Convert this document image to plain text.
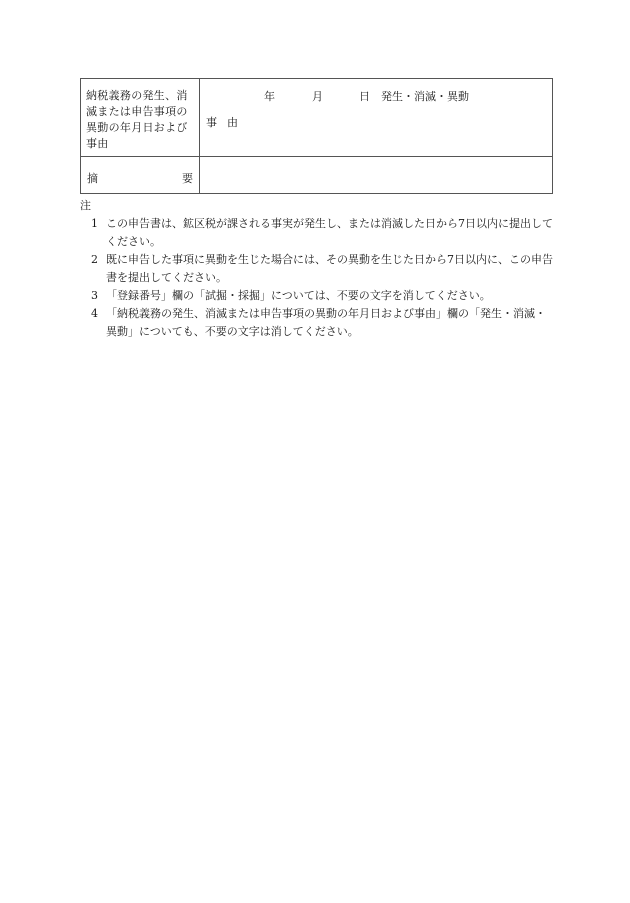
納税義務の発生、消滅または申告事項の異動の年月日および事由	年 月 日 発生・消滅・異動
事由

摘 要	

注
1 この申告書は、鉱区税が課される事実が発生し、または消滅した日から7日以内に提出してください。
2 既に申告した事項に異動を生じた場合には、その異動を生じた日から7日以内に、この申告書を提出してください。
3 「登録番号」欄の「試掘・採掘」については、不要の文字を消してください。
4 「納税義務の発生、消滅または申告事項の異動の年月日および事由」欄の「発生・消滅・異動」についても、不要の文字は消してください。
